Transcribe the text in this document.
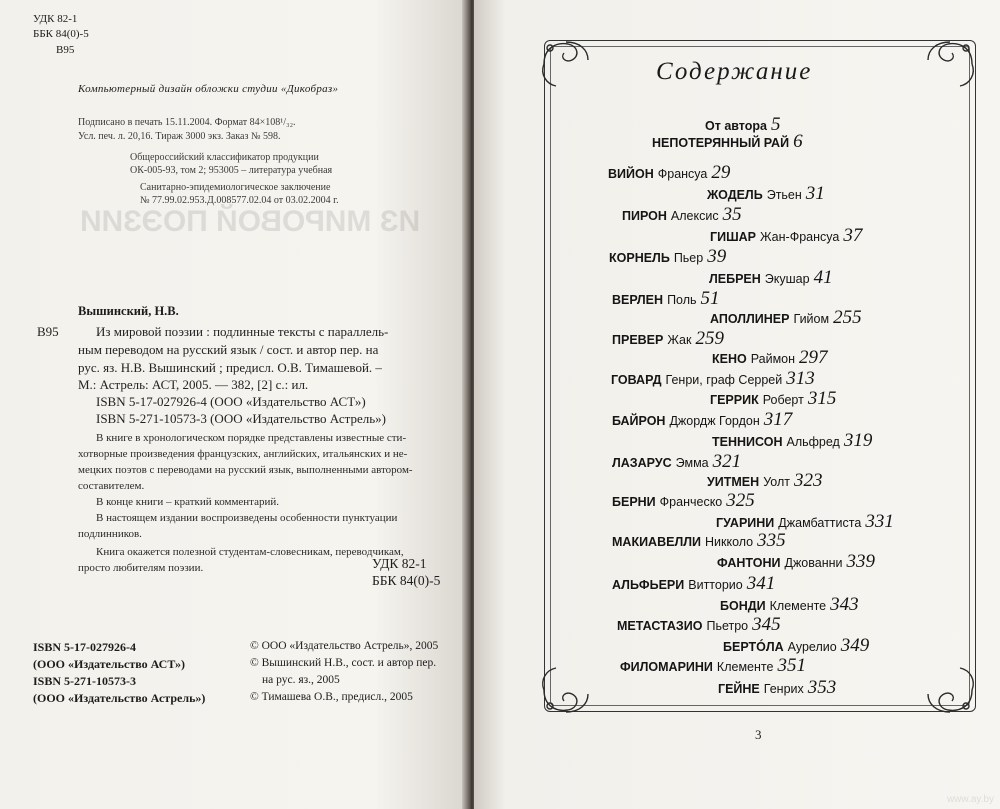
ИЗ МИРОВОЙ ПОЭЗИИ
УДК 82-1
ББК 84(0)-5
В95
Компьютерный дизайн обложки студии «Дикобраз»
Подписано в печать 15.11.2004. Формат 84×108¹/₃₂.
Усл. печ. л. 20,16. Тираж 3000 экз. Заказ № 598.
Общероссийский классификатор продукции
ОК-005-93, том 2; 953005 – литература учебная
Санитарно-эпидемиологическое заключение
№ 77.99.02.953.Д.008577.02.04 от 03.02.2004 г.
Вышинский, Н.В.
В95	Из мировой поэзии : подлинные тексты с параллель-
ным переводом на русский язык / сост. и автор пер. на
рус. яз. Н.В. Вышинский ; предисл. О.В. Тимашевой. –
М.: Астрель: АСТ, 2005. — 382, [2] с.: ил.
ISBN 5-17-027926-4 (ООО «Издательство АСТ»)
ISBN 5-271-10573-3 (ООО «Издательство Астрель»)
В книге в хронологическом порядке представлены известные сти-
хотворные произведения французских, английских, итальянских и не-
мецких поэтов с переводами на русский язык, выполненными автором-
составителем.
В конце книги – краткий комментарий.
В настоящем издании воспроизведены особенности пунктуации
подлинников.
Книга окажется полезной студентам-словесникам, переводчикам,
просто любителям поэзии.	УДК 82-1
ББК 84(0)-5
ISBN 5-17-027926-4
(ООО «Издательство АСТ»)
ISBN 5-271-10573-3
(ООО «Издательство Астрель»)
© ООО «Издательство Астрель», 2005
© Вышинский Н.В., сост. и автор пер.
на рус. яз., 2005
© Тимашева О.В., предисл., 2005
Содержание
3
От автора 5
НЕПОТЕРЯННЫЙ РАЙ 6
ВИЙОН Франсуа 29
ЖОДЕЛЬ Этьен 31
ПИРОН Алексис 35
ГИШАР Жан-Франсуа 37
КОРНЕЛЬ Пьер 39
ЛЕБРЕН Экушар 41
ВЕРЛЕН Поль 51
АПОЛЛИНЕР Гийом 255
ПРЕВЕР Жак 259
КЕНО Раймон 297
ГОВАРД Генри, граф Серрей 313
ГЕРРИК Роберт 315
БАЙРОН Джордж Гордон 317
ТЕННИСОН Альфред 319
ЛАЗАРУС Эмма 321
УИТМЕН Уолт 323
БЕРНИ Франческо 325
ГУАРИНИ Джамбаттиста 331
МАКИАВЕЛЛИ Никколо 335
ФАНТОНИ Джованни 339
АЛЬФЬЕРИ Витторио 341
БОНДИ Клементе 343
МЕТАСТАЗИО Пьетро 345
БЕРТÓЛА Аурелио 349
ФИЛОМАРИНИ Клементе 351
ГЕЙНЕ Генрих 353
www.ay.by
